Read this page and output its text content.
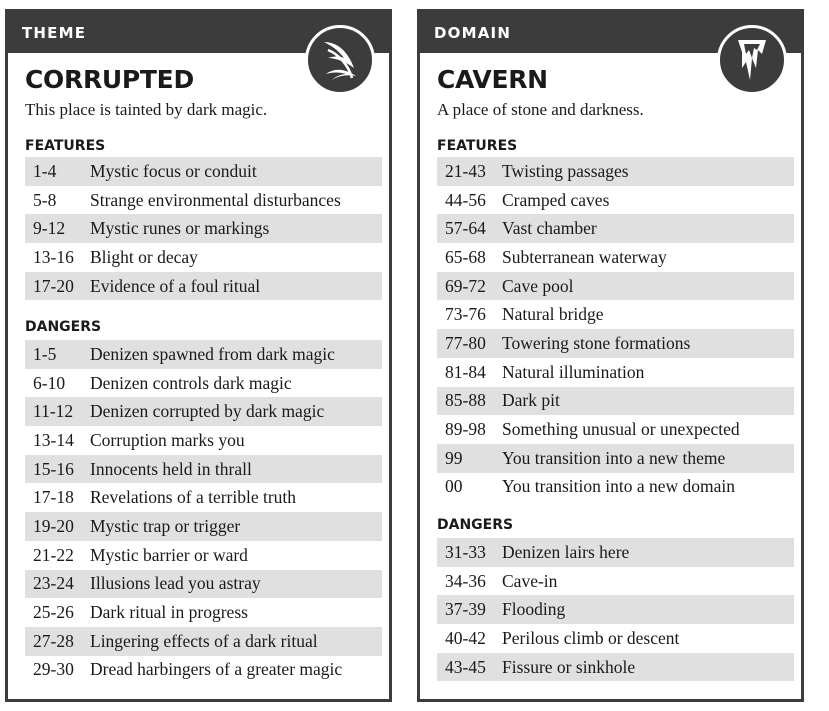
THEME
CORRUPTED

This place is tainted by dark magic.

FEATURES
1-4	Mystic focus or conduit
5-8	Strange environmental disturbances
9-12	Mystic runes or markings
13-16 Blight or decay
17-20 Evidence of a foul ritual
DANGERS
1-5	Denizen spawned from dark magic
6-10	Denizen controls dark magic
11-12 Denizen corrupted by dark magic
13-14 Corruption marks you
15-16 Innocents held in thrall
17-18 Revelations of a terrible truth
19-20 Mystic trap or trigger
21-22 Mystic barrier or ward
23-24 Illusions lead you astray
25-26 Dark ritual in progress
27-28 Lingering effects of a dark ritual
29-30 Dread harbingers of a greater magic
DOMAIN
CAVERN

A place of stone and darkness.

FEATURES
21-43 Twisting passages
44-56 Cramped caves
57-64 Vast chamber
65-68 Subterranean waterway
69-72 Cave pool
73-76 Natural bridge
77-80 Towering stone formations
81-84 Natural illumination
85-88 Dark pit
89-98 Something unusual or unexpected
99	You transition into a new theme
00	You transition into a new domain
DANGERS
31-33 Denizen lairs here
34-36 Cave-in
37-39 Flooding
40-42 Perilous climb or descent
43-45 Fissure or sinkhole
